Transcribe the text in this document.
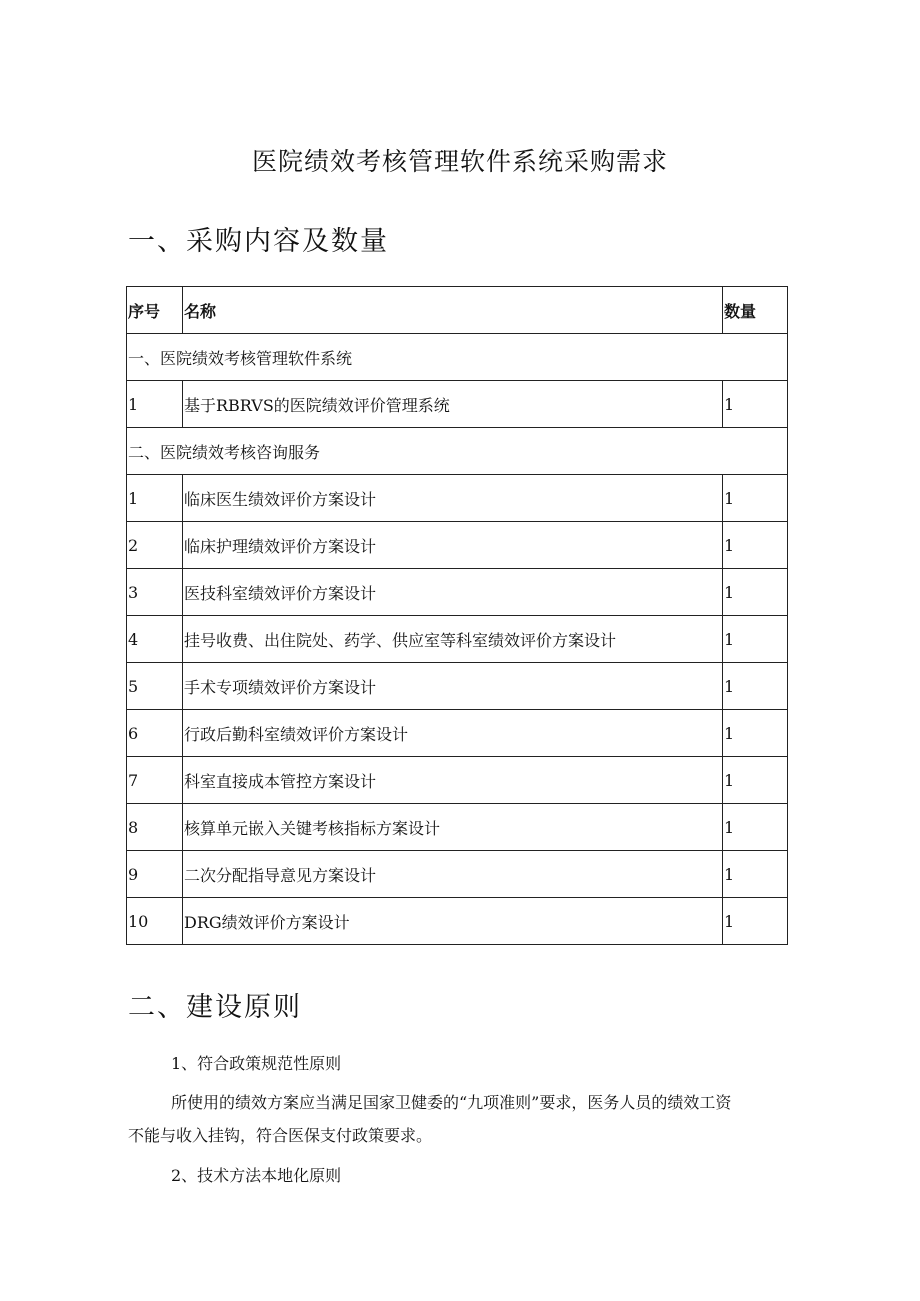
医院绩效考核管理软件系统采购需求
一、采购内容及数量
序号	名称	数量
一、医院绩效考核管理软件系统		
1	基于RBRVS的医院绩效评价管理系统	1
二、医院绩效考核咨询服务		
1	临床医生绩效评价方案设计	1
2	临床护理绩效评价方案设计	1
3	医技科室绩效评价方案设计	1
4	挂号收费、出住院处、药学、供应室等科室绩效评价方案设计	1
5	手术专项绩效评价方案设计	1
6	行政后勤科室绩效评价方案设计	1
7	科室直接成本管控方案设计	1
8	核算单元嵌入关键考核指标方案设计	1
9	二次分配指导意见方案设计	1
10	DRG绩效评价方案设计	1
二、建设原则
1、符合政策规范性原则
所使用的绩效方案应当满足国家卫健委的“九项准则”要求，医务人员的绩效工资
不能与收入挂钩，符合医保支付政策要求。
2、技术方法本地化原则
